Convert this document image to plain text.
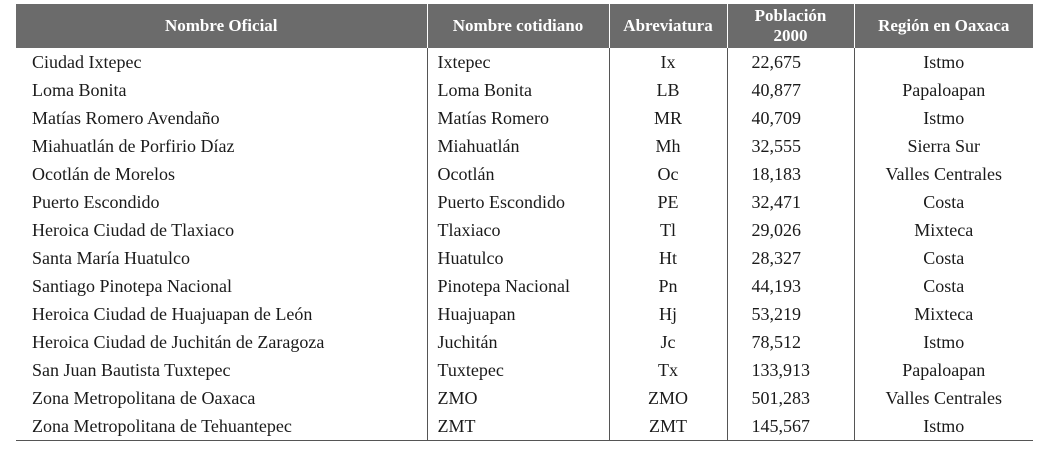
Nombre Oficial	Nombre cotidiano	Abreviatura	Población 2000	Región en Oaxaca
Ciudad Ixtepec	Ixtepec	Ix	22,675	Istmo
Loma Bonita	Loma Bonita	LB	40,877	Papaloapan
Matías Romero Avendaño	Matías Romero	MR	40,709	Istmo
Miahuatlán de Porfirio Díaz	Miahuatlán	Mh	32,555	Sierra Sur
Ocotlán de Morelos	Ocotlán	Oc	18,183	Valles Centrales
Puerto Escondido	Puerto Escondido	PE	32,471	Costa
Heroica Ciudad de Tlaxiaco	Tlaxiaco	Tl	29,026	Mixteca
Santa María Huatulco	Huatulco	Ht	28,327	Costa
Santiago Pinotepa Nacional	Pinotepa Nacional	Pn	44,193	Costa
Heroica Ciudad de Huajuapan de León	Huajuapan	Hj	53,219	Mixteca
Heroica Ciudad de Juchitán de Zaragoza	Juchitán	Jc	78,512	Istmo
San Juan Bautista Tuxtepec	Tuxtepec	Tx	133,913	Papaloapan
Zona Metropolitana de Oaxaca	ZMO	ZMO	501,283	Valles Centrales
Zona Metropolitana de Tehuantepec	ZMT	ZMT	145,567	Istmo
